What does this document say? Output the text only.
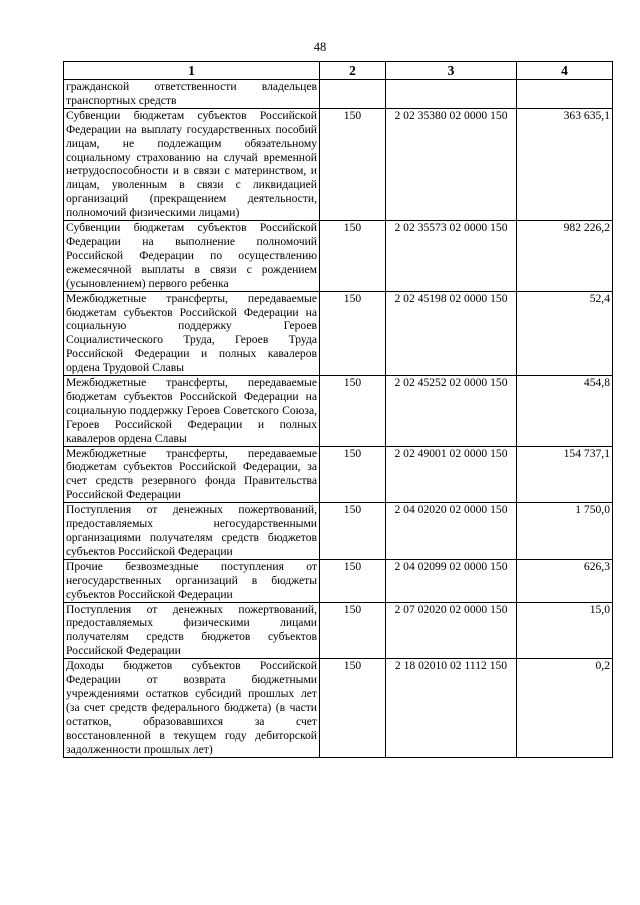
48
1	2	3	4
гражданской ответственности владельцев транспортных средств			
Субвенции бюджетам субъектов Российской Федерации на выплату государственных пособий лицам, не подлежащим обязательному социальному страхованию на случай временной нетрудоспособности и в связи с материнством, и лицам, уволенным в связи с ликвидацией организаций (прекращением деятельности, полномочий физическими лицами)	150	2 02 35380 02 0000 150	363 635,1
Субвенции бюджетам субъектов Российской Федерации на выполнение полномочий Российской Федерации по осуществлению ежемесячной выплаты в связи с рождением (усыновлением) первого ребенка	150	2 02 35573 02 0000 150	982 226,2
Межбюджетные трансферты, передаваемые бюджетам субъектов Российской Федерации на социальную поддержку Героев Социалистического Труда, Героев Труда Российской Федерации и полных кавалеров ордена Трудовой Славы	150	2 02 45198 02 0000 150	52,4
Межбюджетные трансферты, передаваемые бюджетам субъектов Российской Федерации на социальную поддержку Героев Советского Союза, Героев Российской Федерации и полных кавалеров ордена Славы	150	2 02 45252 02 0000 150	454,8
Межбюджетные трансферты, передаваемые бюджетам субъектов Российской Федерации, за счет средств резервного фонда Правительства Российской Федерации	150	2 02 49001 02 0000 150	154 737,1
Поступления от денежных пожертвований, предоставляемых негосударственными организациями получателям средств бюджетов субъектов Российской Федерации	150	2 04 02020 02 0000 150	1 750,0
Прочие безвозмездные поступления от негосударственных организаций в бюджеты субъектов Российской Федерации	150	2 04 02099 02 0000 150	626,3
Поступления от денежных пожертвований, предоставляемых физическими лицами получателям средств бюджетов субъектов Российской Федерации	150	2 07 02020 02 0000 150	15,0
Доходы бюджетов субъектов Российской Федерации от возврата бюджетными учреждениями остатков субсидий прошлых лет (за счет средств федерального бюджета) (в части остатков, образовавшихся за счет восстановленной в текущем году дебиторской задолженности прошлых лет)	150	2 18 02010 02 1112 150	0,2
